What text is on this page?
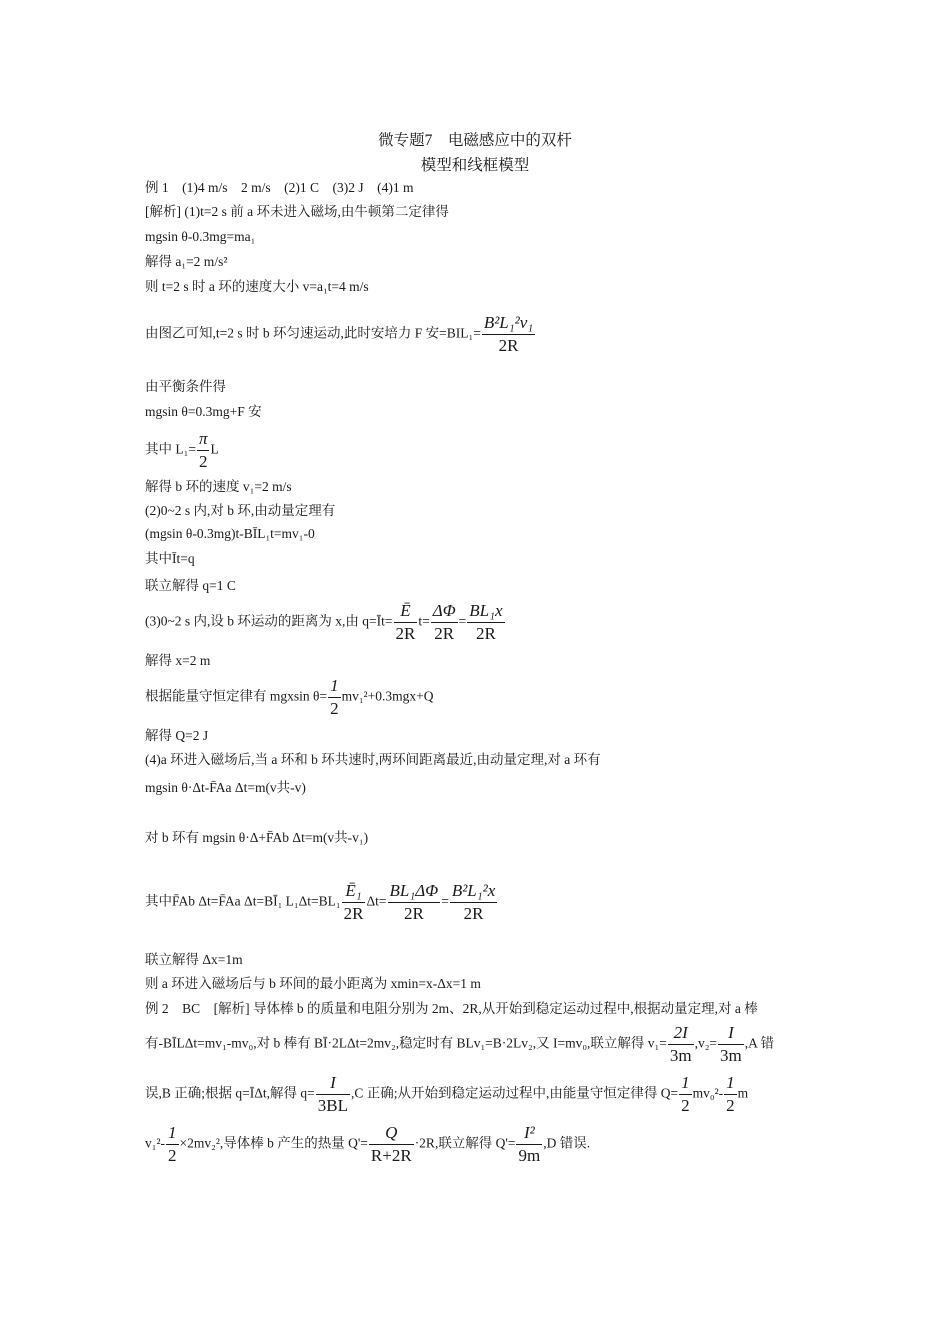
微专题7　电磁感应中的双杆
模型和线框模型
例 1　(1)4 m/s　2 m/s　(2)1 C　(3)2 J　(4)1 m
[解析] (1)t=2 s 前 a 环未进入磁场,由牛顿第二定律得
mgsin θ-0.3mg=ma₁
解得 a₁=2 m/s²
则 t=2 s 时 a 环的速度大小 v=a₁t=4 m/s
由图乙可知,t=2 s 时 b 环匀速运动,此时安培力 F 安$=BIL_1= \frac{\text{B²L₁²v₁}}{2R}$
由平衡条件得
mgsin θ=0.3mg+F 安
其中 $L_1= \frac{\pi}{2}$ L
解得 b 环的速度 v₁=2 m/s
(2)0~2 s 内,对 b 环,由动量定理有
(mgsin θ-0.3mg)t-BĪL₁t=mv₁-0
其中Īt=q
联立解得 q=1 C
(3)0~2 s 内,设 b 环运动的距离为 x,由 q=Īt= $\frac{Ē}{2R} t= \frac{\Delta\Phi}{2R} = \frac{\text{BL₁x}}{2R}$
解得 x=2 m
根据能量守恒定律有 mgxsin $\theta= \frac{1}{2} mv_1^2+0.3mgx+Q$
解得 Q=2 J
(4)a 环进入磁场后,当 a 环和 b 环共速时,两环间距离最近,由动量定理,对 a 环有
mgsin θ·Δt-F̄Aa Δt=m(v共-v)
对 b 环有 mgsin θ·Δ+F̄Ab Δt=m(v共-v₁)
其中F̄Ab Δt=F̄Aa Δt=BĪ₁ $L_1\Delta t=BL_1 \frac{\text{Ē₁}}{2R} \Delta t= \frac{\text{BL₁ΔΦ}}{2R} = \frac{\text{B²L₁²x}}{2R}$
联立解得 Δx=1m
则 a 环进入磁场后与 b 环间的最小距离为 xmin=x-Δx=1 m
例 2　BC　[解析] 导体棒 b 的质量和电阻分别为 2m、2R,从开始到稳定运动过程中,根据动量定理,对 a 棒
有-BĪLΔt=mv₁-mv₀,对 b 棒有 BĪ·2LΔt=2mv₂,稳定时有 BLv₁=B·2Lv₂,又 I=mv₀,联立解得 $v_1= \frac{2I}{3m} ,v_2= \frac{I}{3m} ,A$ 错
误,B 正确;根据 q=ĪΔt,解得 $q= \frac{I}{3BL} ,C$ 正确;从开始到稳定运动过程中,由能量守恒定律得 $Q= \frac{1}{2} mv_0^2- \frac{1}{2}$ m
$v_1^2- \frac{1}{2} \times 2mv_2^2$,导体棒 b 产生的热量 $Q'= \frac{Q}{R+2R} \cdot 2R$,联立解得 $Q'= \frac{\text{I²}}{9m} ,D$ 错误.
